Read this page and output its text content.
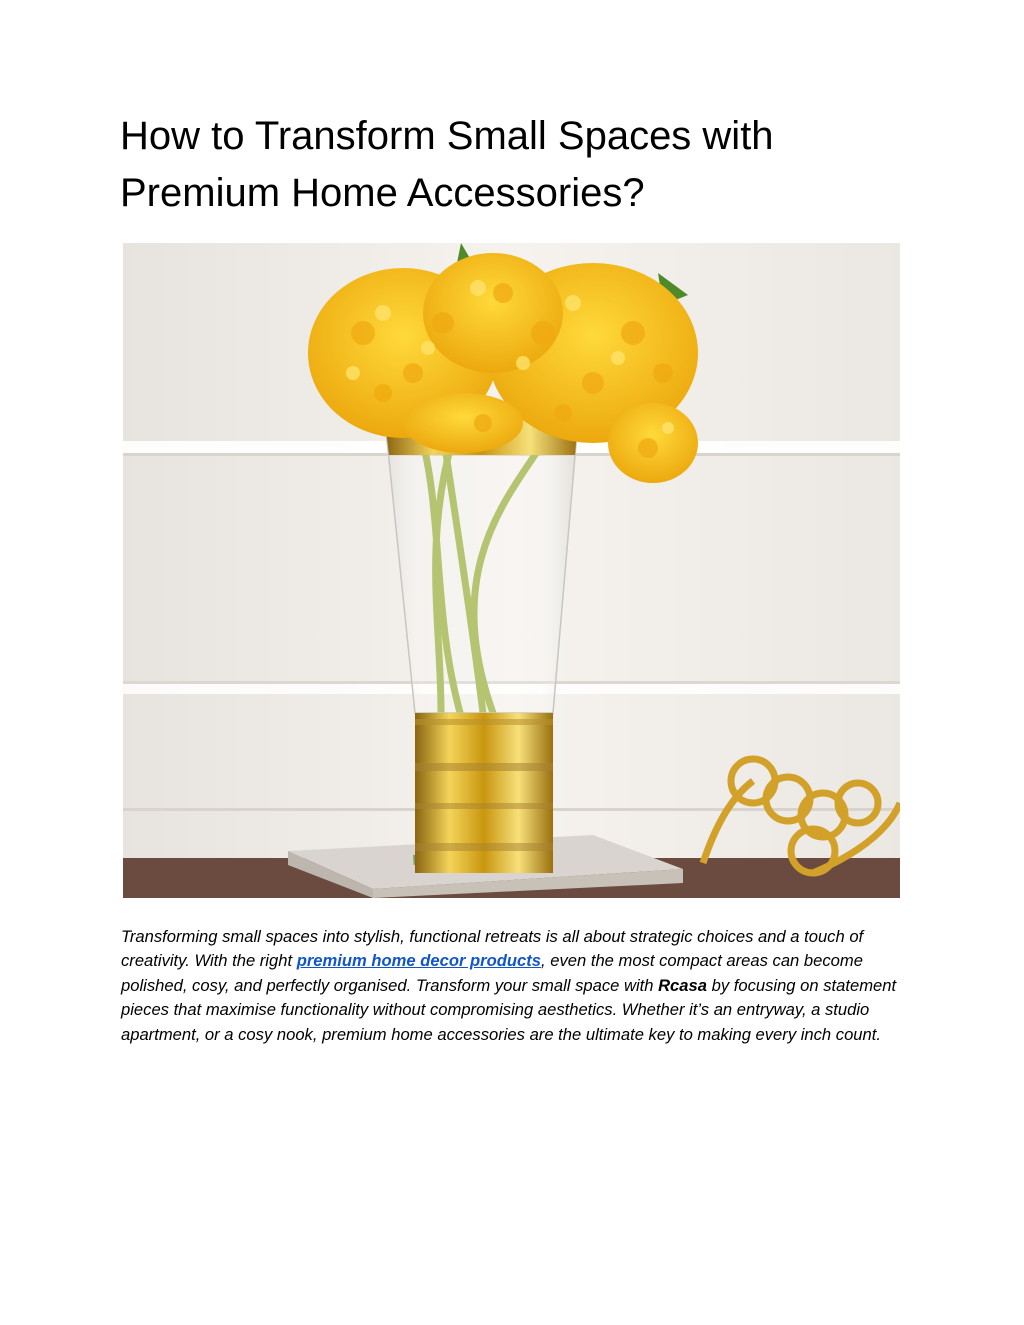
How to Transform Small Spaces with
Premium Home Accessories?

Transforming small spaces into stylish, functional retreats is all about strategic choices and a touch of creativity. With the right premium home decor products, even the most compact areas can become polished, cosy, and perfectly organised. Transform your small space with Rcasa by focusing on statement pieces that maximise functionality without compromising aesthetics. Whether it’s an entryway, a studio apartment, or a cosy nook, premium home accessories are the ultimate key to making every inch count.
